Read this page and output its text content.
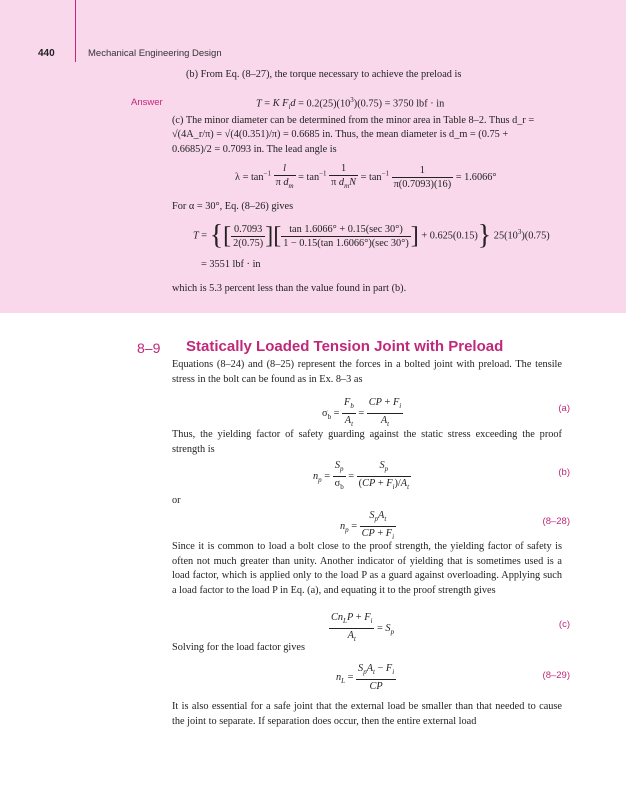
440	Mechanical Engineering Design
(b) From Eq. (8–27), the torque necessary to achieve the preload is
Answer	T = K $F_id = 0.2(25)(10^3)(0.75) = 3750$ lbf · in
(c) The minor diameter can be determined from the minor area in Table 8–2. Thus d_r =
√(4A_r/π) = √(4(0.351)/π) = 0.6685 in. Thus, the mean diameter is d_m = (0.75 +
0.6685)/2 = 0.7093 in. The lead angle is
$\lambda = \tan^{-1} \frac{l}{\pi d_m} = \tan^{-1} \frac{1}{\pi d_mN} = \tan^{-1} \frac{1}{\pi(0.7093)(16)} = 1.6066^\circ$
For α = 30°, Eq. (8–26) gives
T = {[ $\frac{0.7093}{2(0.75)}$ ][ $\frac{\tan 1.6066^\circ + 0.15(\sec 30^\circ)}{1 - 0.15(\tan 1.6066^\circ)(\sec 30^\circ)}$ ] + 0.625(0.15)} $25(10^3)(0.75)$
= 3551 lbf · in
which is 5.3 percent less than the value found in part (b).
8–9 Statically Loaded Tension Joint with Preload
Equations (8–24) and (8–25) represent the forces in a bolted joint with preload. The tensile stress in the bolt can be found as in Ex. 8–3 as
$\sigma_b = \frac{F_b}{A_t} = \frac{CP + F_i}{A_t}$	(a)
Thus, the yielding factor of safety guarding against the static stress exceeding the proof strength is
$n_p = \frac{S_p}{\sigma_b} = \frac{S_p}{(CP + F_i)/A_t}$	(b)
or
$n_p = \frac{S_pA_t}{CP + F_i}$	(8–28)
Since it is common to load a bolt close to the proof strength, the yielding factor of safety is often not much greater than unity. Another indicator of yielding that is sometimes used is a load factor, which is applied only to the load P as a guard against overloading. Applying such a load factor to the load P in Eq. (a), and equating it to the proof strength gives
$\frac{Cn_LP + F_i}{A_t} = S_p$
(c)
Solving for the load factor gives
$n_L = \frac{S_pA_t - F_i}{CP}$	(8–29)
It is also essential for a safe joint that the external load be smaller than that needed to cause the joint to separate. If separation does occur, then the entire external load
